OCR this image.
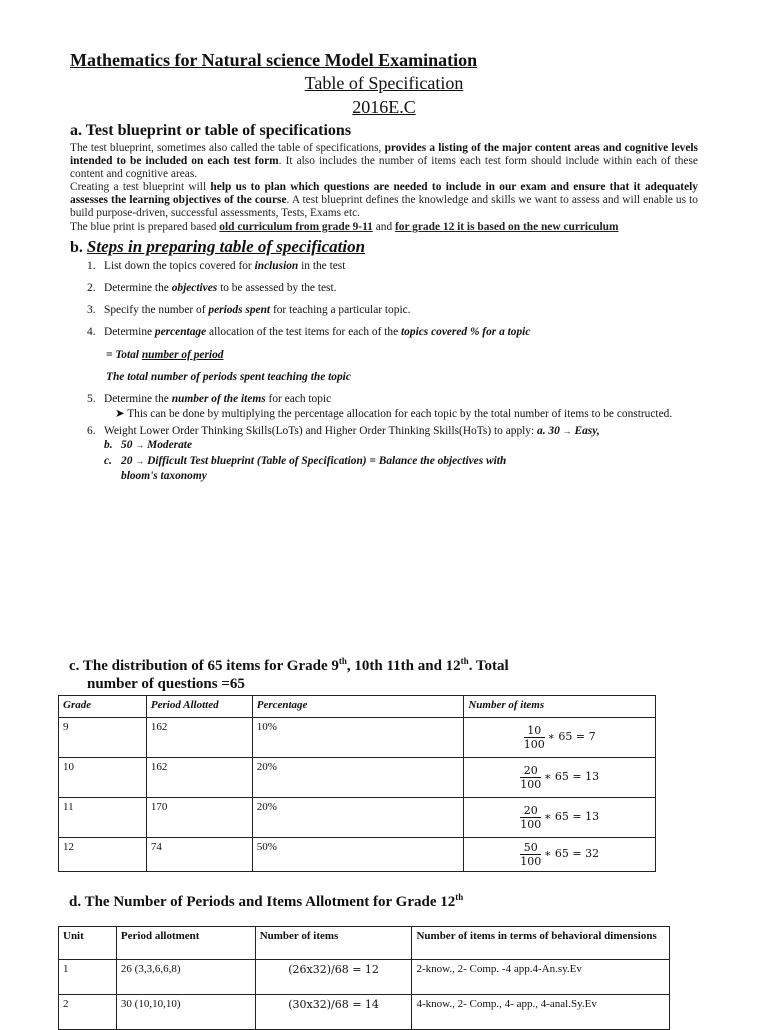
Mathematics for Natural science Model Examination
Table of Specification
2016E.C
a. Test blueprint or table of specifications
The test blueprint, sometimes also called the table of specifications, provides a listing of the major content areas and cognitive levels intended to be included on each test form. It also includes the number of items each test form should include within each of these content and cognitive areas.
Creating a test blueprint will help us to plan which questions are needed to include in our exam and ensure that it adequately assesses the learning objectives of the course. A test blueprint defines the knowledge and skills we want to assess and will enable us to build purpose-driven, successful assessments, Tests, Exams etc.
The blue print is prepared based old curriculum from grade 9-11 and for grade 12 it is based on the new curriculum
b. Steps in preparing table of specification
1. List down the topics covered for inclusion in the test
2. Determine the objectives to be assessed by the test.
3. Specify the number of periods spent for teaching a particular topic.
4. Determine percentage allocation of the test items for each of the topics covered % for a topic
= Total number of period
The total number of periods spent teaching the topic
5. Determine the number of the items for each topic
➤ This can be done by multiplying the percentage allocation for each topic by the total number of items to be constructed.
6. Weight Lower Order Thinking Skills(LoTs) and Higher Order Thinking Skills(HoTs) to apply: a. 30 → Easy,
b. 50 → Moderate
c. 20 → Difficult Test blueprint (Table of Specification) = Balance the objectives with
bloom's taxonomy
c. The distribution of 65 items for Grade 9th, 10th 11th and 12th. Total
number of questions =65
Grade	Period Allotted	Percentage	Number of items
9	162	10%	$\frac{10}{100}$ ∗ 65 = 7
10	162	20%	$\frac{20}{100}$ ∗ 65 = 13
11	170	20%	$\frac{20}{100}$ ∗ 65 = 13
12	74	50%	$\frac{50}{100}$ ∗ 65 = 32
d. The Number of Periods and Items Allotment for Grade 12th
Unit	Period allotment	Number of items	Number of items in terms of behavioral dimensions
1	26 (3,3,6,6,8)	(26x32)/68 = 12	2-know., 2- Comp. -4 app.4-An.sy.Ev
2	30 (10,10,10)	(30x32)/68 = 14	4-know., 2- Comp., 4- app., 4-anal.Sy.Ev
